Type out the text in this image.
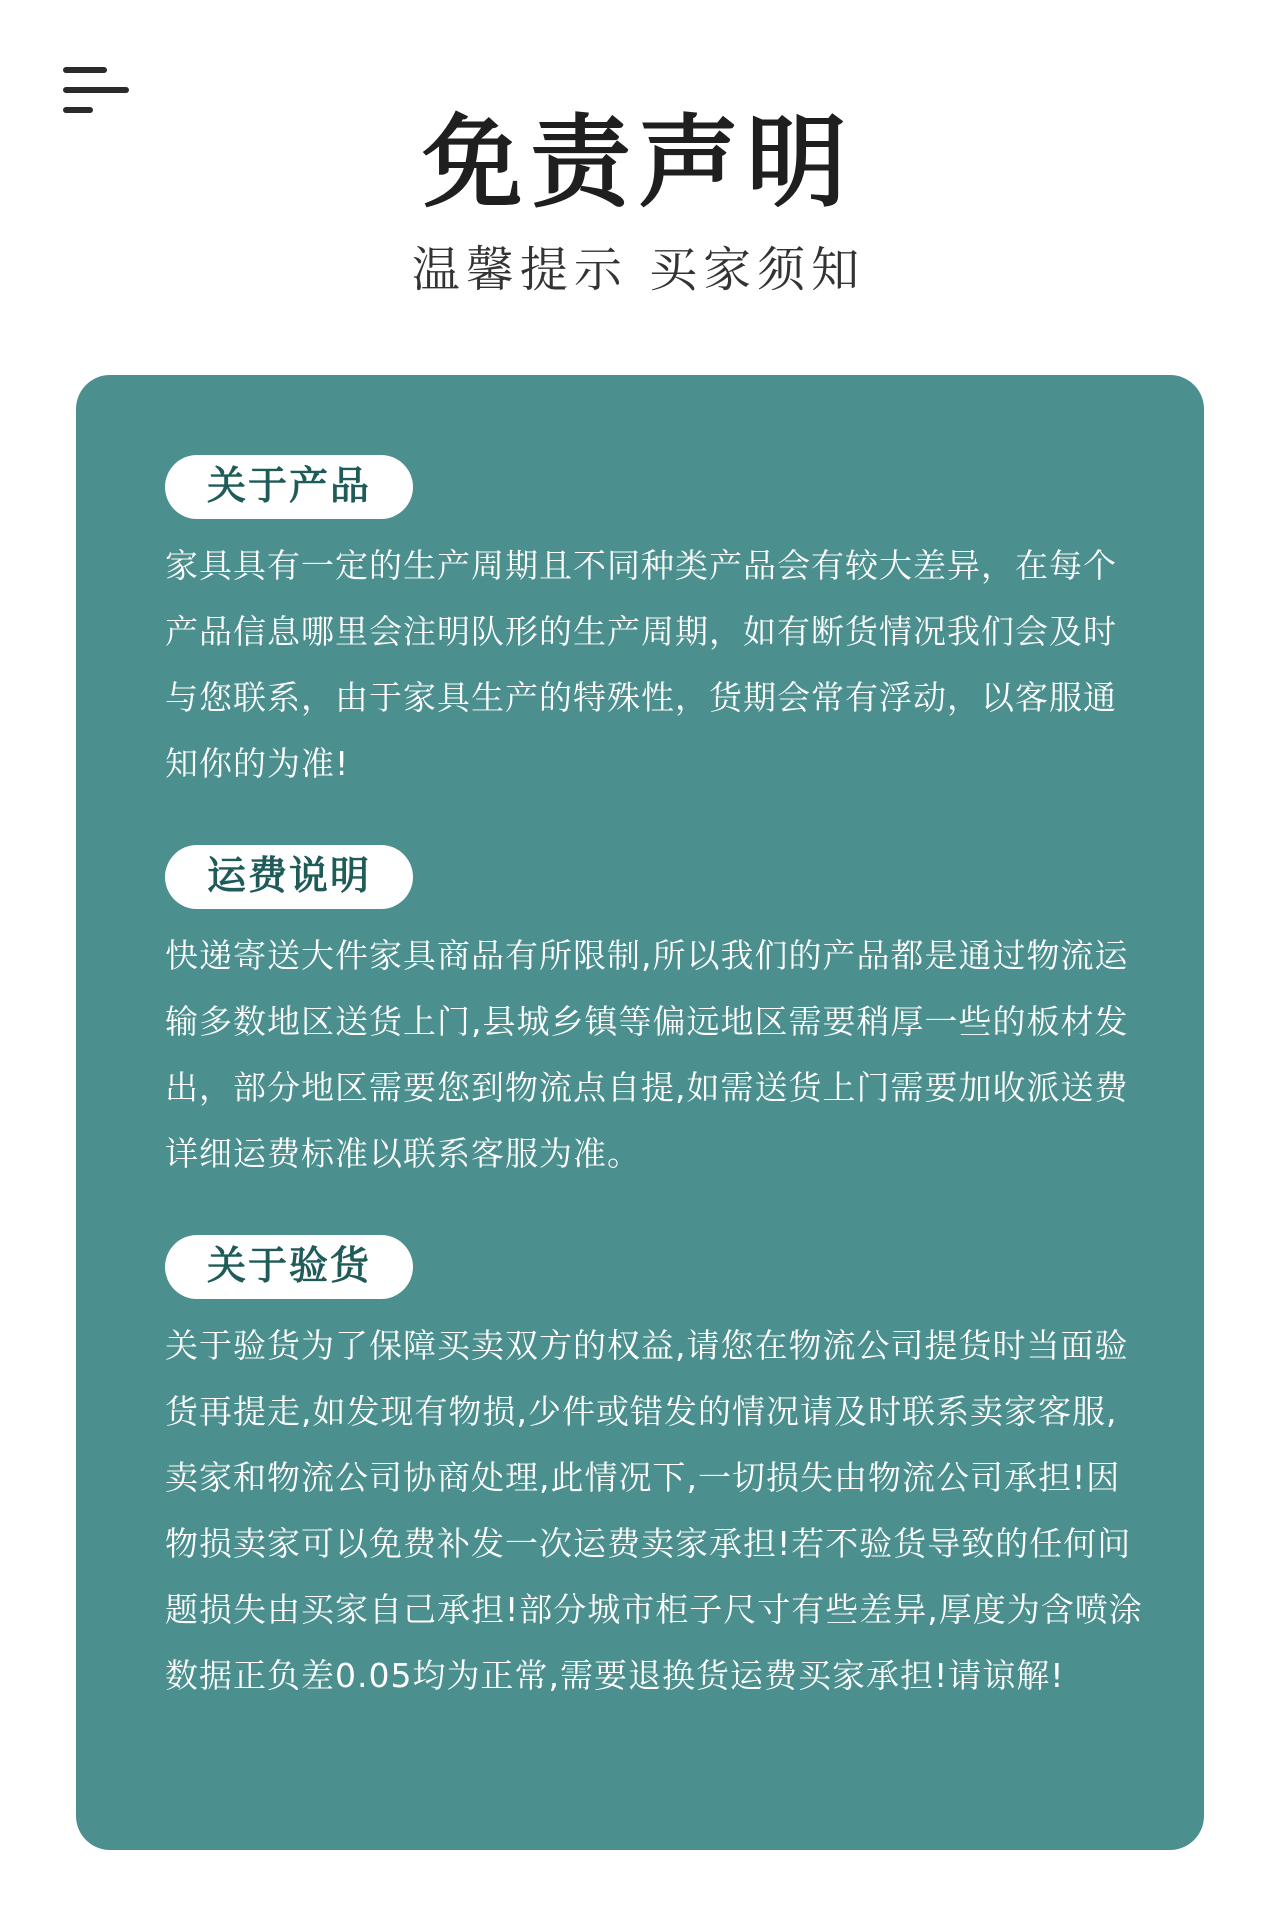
免责声明
温馨提示 买家须知
关于产品
家具具有一定的生产周期且不同种类产品会有较大差异，在每个产品信息哪里会注明队形的生产周期，如有断货情况我们会及时与您联系，由于家具生产的特殊性，货期会常有浮动，以客服通知你的为准!
运费说明
快递寄送大件家具商品有所限制,所以我们的产品都是通过物流运输多数地区送货上门,县城乡镇等偏远地区需要稍厚一些的板材发出，部分地区需要您到物流点自提,如需送货上门需要加收派送费详细运费标准以联系客服为准。
关于验货
关于验货为了保障买卖双方的权益,请您在物流公司提货时当面验货再提走,如发现有物损,少件或错发的情况请及时联系卖家客服,卖家和物流公司协商处理,此情况下,一切损失由物流公司承担!因物损卖家可以免费补发一次运费卖家承担!若不验货导致的任何问题损失由买家自己承担!部分城市柜子尺寸有些差异,厚度为含喷涂数据正负差0.05均为正常,需要退换货运费买家承担!请谅解!
